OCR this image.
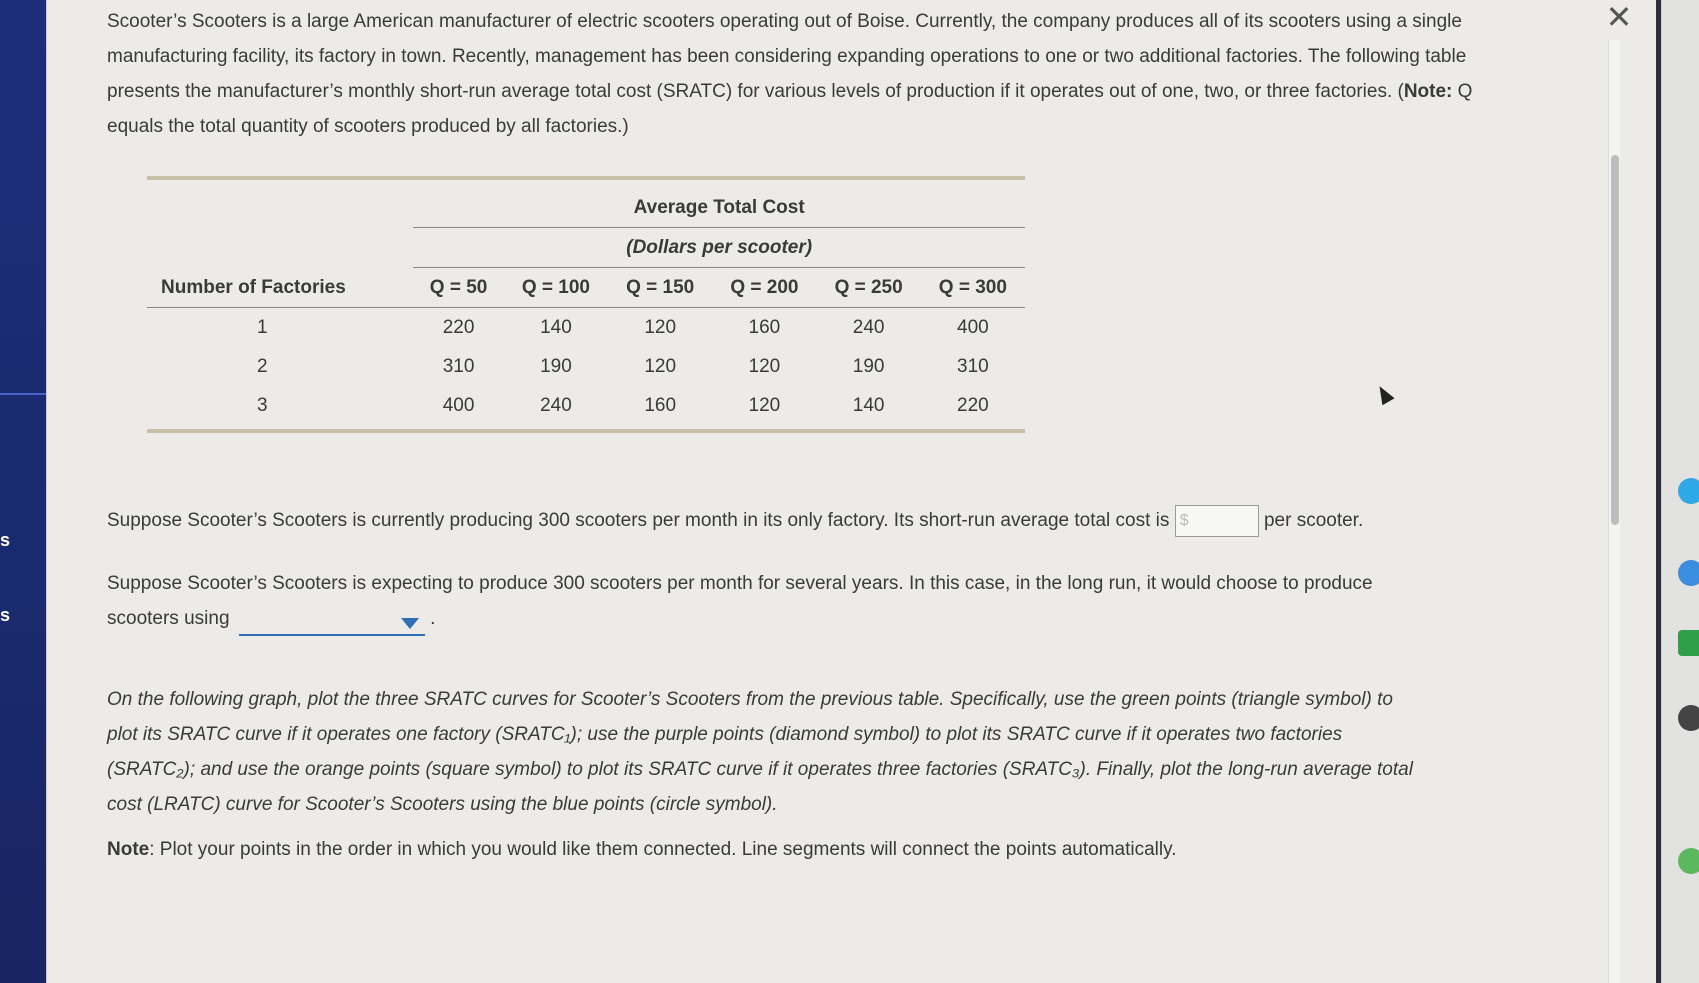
s
s
✕

Scooter’s Scooters is a large American manufacturer of electric scooters operating out of Boise. Currently, the company produces all of its scooters using a single manufacturing facility, its factory in town. Recently, management has been considering expanding operations to one or two additional factories. The following table presents the manufacturer’s monthly short-run average total cost (SRATC) for various levels of production if it operates out of one, two, or three factories. (Note: Q equals the total quantity of scooters produced by all factories.)

	Average Total Cost					
	(Dollars per scooter)					
Number of Factories	Q = 50	Q = 100	Q = 150	Q = 200	Q = 250	Q = 300
1	220	140	120	160	240	400
2	310	190	120	120	190	310
3	400	240	160	120	140	220

Suppose Scooter’s Scooters is currently producing 300 scooters per month in its only factory. Its short-run average total cost is $	per scooter.

Suppose Scooter’s Scooters is expecting to produce 300 scooters per month for several years. In this case, in the long run, it would choose to produce scooters using	.

On the following graph, plot the three SRATC curves for Scooter’s Scooters from the previous table. Specifically, use the green points (triangle symbol) to plot its SRATC curve if it operates one factory (SRATC₁); use the purple points (diamond symbol) to plot its SRATC curve if it operates two factories (SRATC₂); and use the orange points (square symbol) to plot its SRATC curve if it operates three factories (SRATC₃). Finally, plot the long-run average total cost (LRATC) curve for Scooter’s Scooters using the blue points (circle symbol).

Note: Plot your points in the order in which you would like them connected. Line segments will connect the points automatically.
